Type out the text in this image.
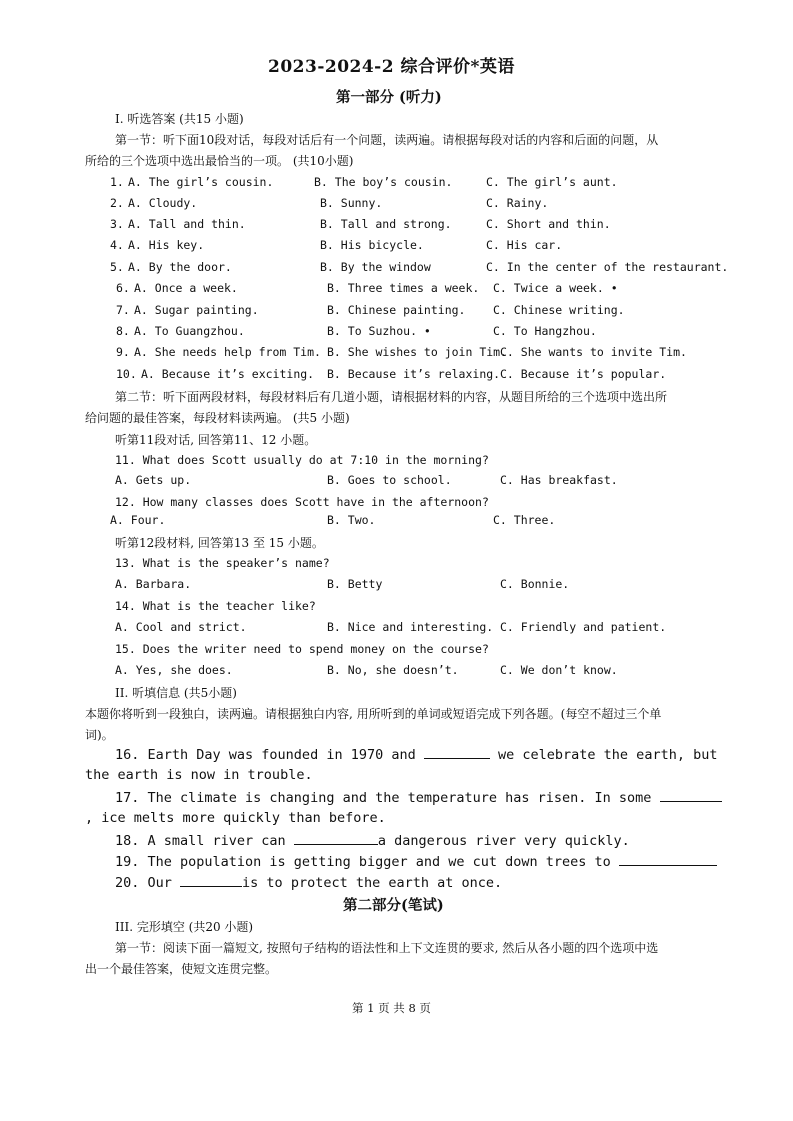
2023-2024-2 综合评价*英语
第一部分 (听力)
I. 听选答案 (共15 小题)
第一节：听下面10段对话，每段对话后有一个问题，读两遍。请根据每段对话的内容和后面的问题，从
所给的三个选项中选出最恰当的一项。 (共10小题)
1. A. The girl’s cousin.	B. The boy’s cousin.	C. The girl’s aunt.
2. A. Cloudy.	B. Sunny.	C. Rainy.
3. A. Tall and thin.	B. Tall and strong.	C. Short and thin.
4. A. His key.	B. His bicycle.	C. His car.
5. A. By the door.	B. By the window	C. In the center of the restaurant.
6. A. Once a week.	B. Three times a week. C. Twice a week. •
7. A. Sugar painting.	B. Chinese painting. C. Chinese writing.
8. A. To Guangzhou.	B. To Suzhou. •	C. To Hangzhou.
9. A. She needs help from Tim. B. She wishes to join Tim.
C. She wants to invite Tim.
10. A. Because it’s exciting. B. Because it’s relaxing. C. Because it’s popular.
第二节：听下面两段材料，每段材料后有几道小题，请根据材料的内容，从题目所给的三个选项中选出所
给问题的最佳答案，每段材料读两遍。 (共5 小题)
听第11段对话, 回答第11、12 小题。
11. What does Scott usually do at 7:10 in the morning?
A. Gets up.	B. Goes to school.	C. Has breakfast.
12. How many classes does Scott have in the afternoon?
A. Four.	B. Two.	C. Three.
听第12段材料, 回答第13 至 15 小题。
13. What is the speaker’s name?
A. Barbara.	B. Betty	C. Bonnie.
14. What is the teacher like?
A. Cool and strict.	B. Nice and interesting. C. Friendly and patient.
15. Does the writer need to spend money on the course?
A. Yes, she does.	B. No, she doesn’t.	C. We don’t know.
II. 听填信息 (共5小题)
本题你将听到一段独白，读两遍。请根据独白内容, 用所听到的单词或短语完成下列各题。(每空不超过三个单
词)。
16. Earth Day was founded in 1970 and	we celebrate the earth, but
the earth is now in trouble.
17. The climate is changing and the temperature has risen. In some
, ice melts more quickly than before.
18. A small river can	a dangerous river very quickly.
19. The population is getting bigger and we cut down trees to
20. Our	is to protect the earth at once.
第二部分(笔试)
III. 完形填空 (共20 小题)
第一节：阅读下面一篇短文, 按照句子结构的语法性和上下文连贯的要求, 然后从各小题的四个选项中选
出一个最佳答案，使短文连贯完整。
第 1 页 共 8 页
